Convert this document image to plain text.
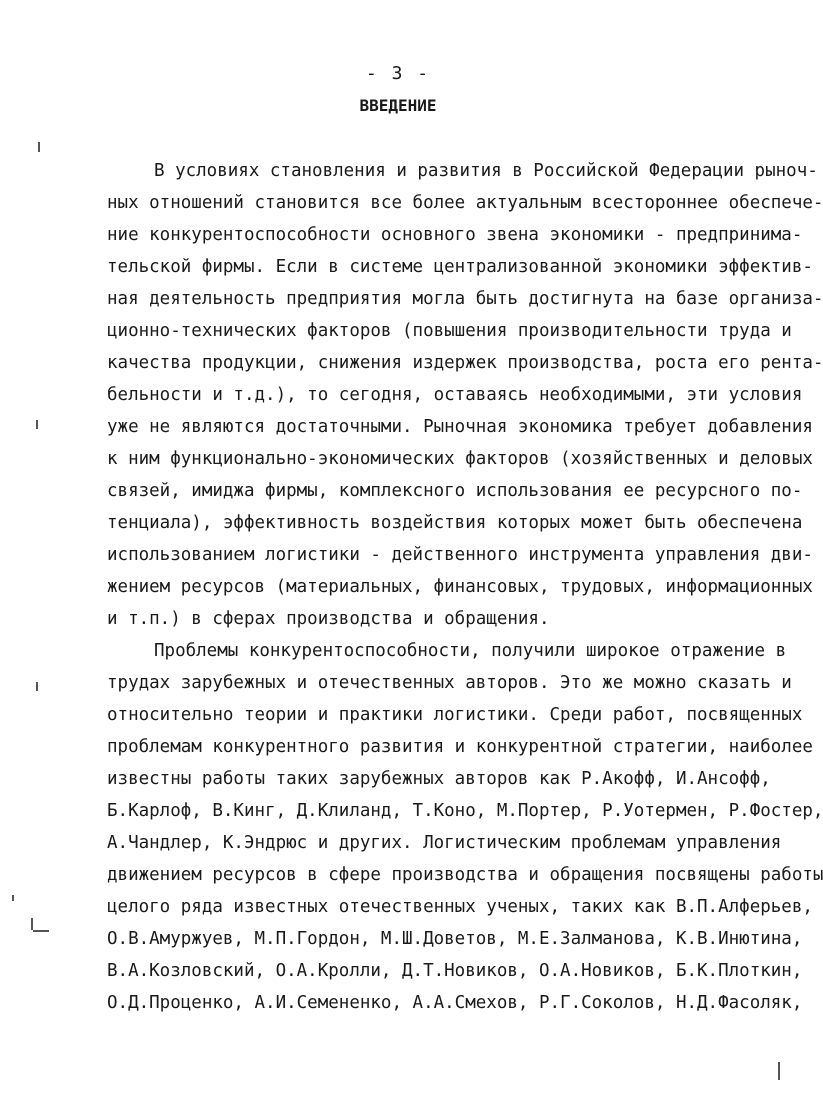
- 3 -
ВВЕДЕНИЕ
В условиях становления и развития в Российской Федерации рыноч-
ных отношений становится все более актуальным всестороннее обеспече-
ние конкурентоспособности основного звена экономики - предпринима-
тельской фирмы. Если в системе централизованной экономики эффектив-
ная деятельность предприятия могла быть достигнута на базе организа-
ционно-технических факторов (повышения производительности труда и
качества продукции, снижения издержек производства, роста его рента-
бельности и т.д.), то сегодня, оставаясь необходимыми, эти условия
уже не являются достаточными. Рыночная экономика требует добавления
к ним функционально-экономических факторов (хозяйственных и деловых
связей, имиджа фирмы, комплексного использования ее ресурсного по-
тенциала), эффективность воздействия которых может быть обеспечена
использованием логистики - действенного инструмента управления дви-
жением ресурсов (материальных, финансовых, трудовых, информационных
и т.п.) в сферах производства и обращения.
Проблемы конкурентоспособности, получили широкое отражение в
трудах зарубежных и отечественных авторов. Это же можно сказать и
относительно теории и практики логистики. Среди работ, посвященных
проблемам конкурентного развития и конкурентной стратегии, наиболее
известны работы таких зарубежных авторов как Р.Акофф, И.Ансофф,
Б.Карлоф, В.Кинг, Д.Клиланд, Т.Коно, М.Портер, Р.Уотермен, Р.Фостер,
А.Чандлер, К.Эндрюс и других. Логистическим проблемам управления
движением ресурсов в сфере производства и обращения посвящены работы
целого ряда известных отечественных ученых, таких как В.П.Алферьев,
О.В.Амуржуев, М.П.Гордон, М.Ш.Доветов, М.Е.Залманова, К.В.Инютина,
В.А.Козловский, О.А.Кролли, Д.Т.Новиков, О.А.Новиков, Б.К.Плоткин,
О.Д.Проценко, А.И.Семененко, А.А.Смехов, Р.Г.Соколов, Н.Д.Фасоляк,
